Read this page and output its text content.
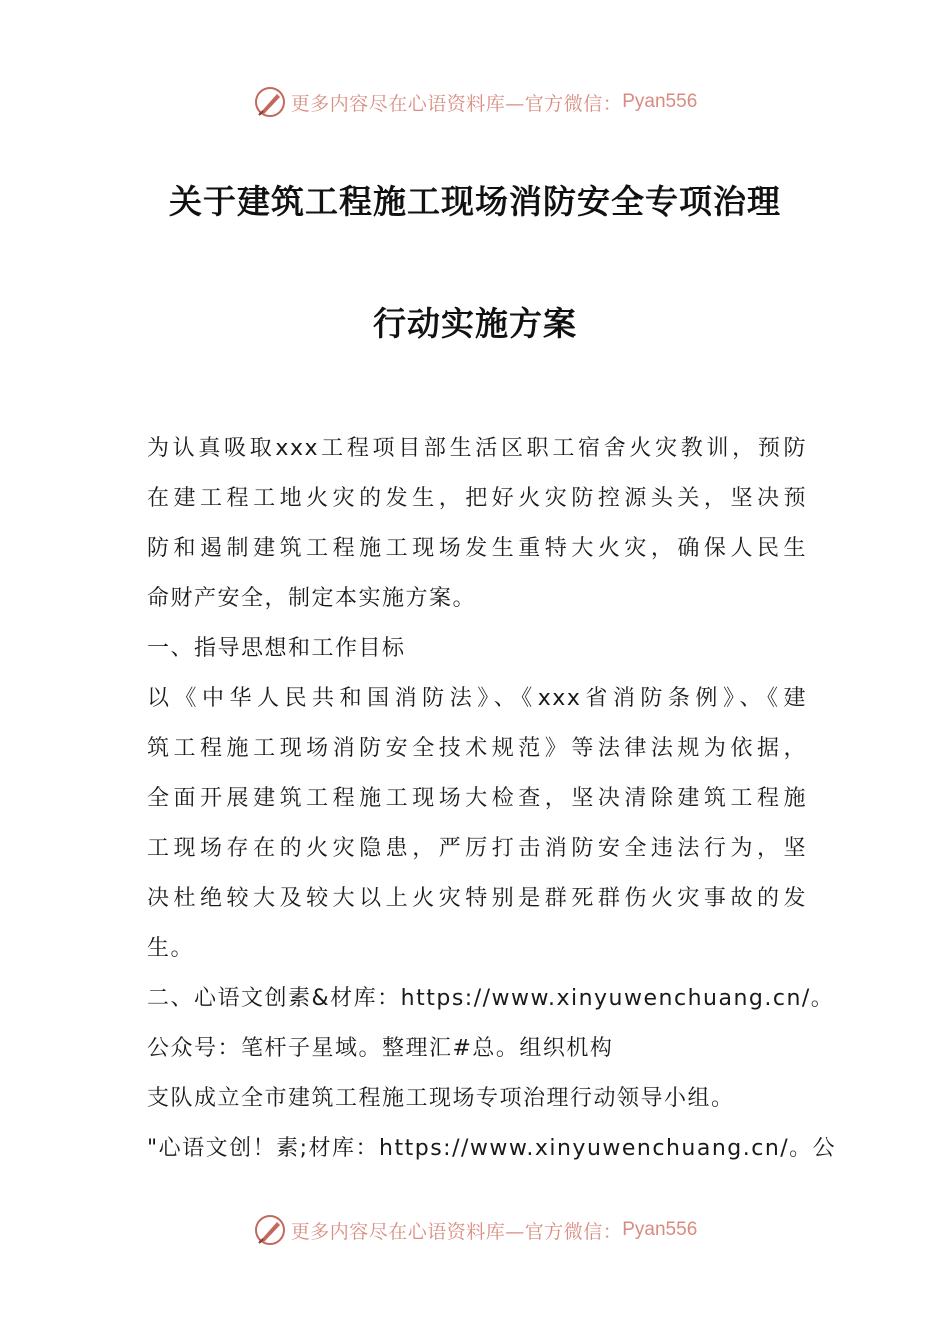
更多内容尽在心语资料库—官方微信： Pyan556
关于建筑工程施工现场消防安全专项治理
行动实施方案
为认真吸取xxx工程项目部生活区职工宿舍火灾教训，预防
在建工程工地火灾的发生，把好火灾防控源头关，坚决预
防和遏制建筑工程施工现场发生重特大火灾，确保人民生
命财产安全，制定本实施方案。
一、指导思想和工作目标
以《中华人民共和国消防法》、《xxx省消防条例》、《建
筑工程施工现场消防安全技术规范》等法律法规为依据，
全面开展建筑工程施工现场大检查，坚决清除建筑工程施
工现场存在的火灾隐患，严厉打击消防安全违法行为，坚
决杜绝较大及较大以上火灾特别是群死群伤火灾事故的发
生。
二、心语文创素&材库：https://www.xinyuwenchuang.cn/。
公众号：笔杆子星域。整理汇#总。组织机构
支队成立全市建筑工程施工现场专项治理行动领导小组。
"心语文创！素;材库：https://www.xinyuwenchuang.cn/。公
更多内容尽在心语资料库—官方微信： Pyan556
